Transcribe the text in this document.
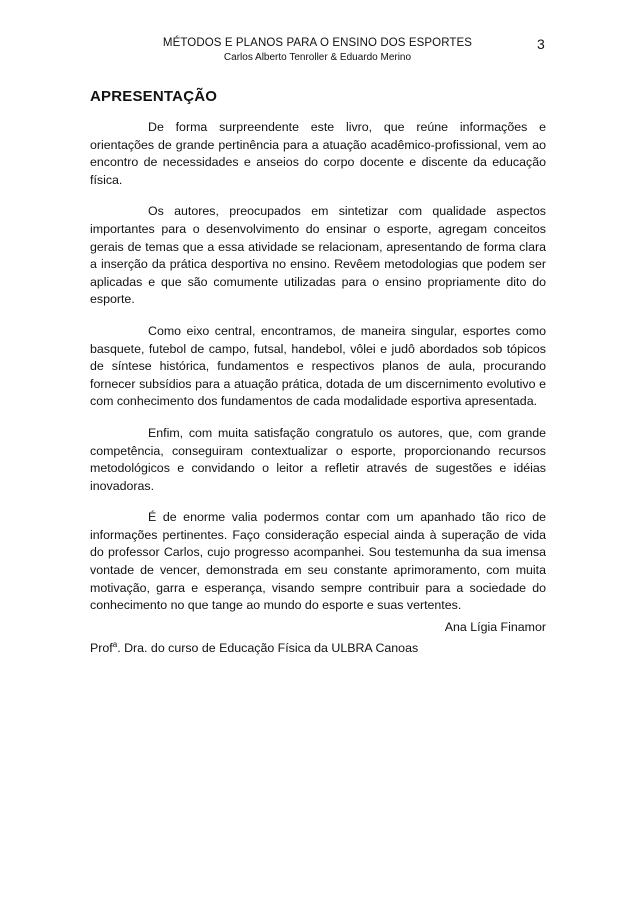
MÉTODOS E PLANOS PARA O ENSINO DOS ESPORTES
Carlos Alberto Tenroller & Eduardo Merino
3
APRESENTAÇÃO

De forma surpreendente este livro, que reúne informações e orientações de grande pertinência para a atuação acadêmico-profissional, vem ao encontro de necessidades e anseios do corpo docente e discente da educação física.

Os autores, preocupados em sintetizar com qualidade aspectos importantes para o desenvolvimento do ensinar o esporte, agregam conceitos gerais de temas que a essa atividade se relacionam, apresentando de forma clara a inserção da prática desportiva no ensino. Revêem metodologias que podem ser aplicadas e que são comumente utilizadas para o ensino propriamente dito do esporte.

Como eixo central, encontramos, de maneira singular, esportes como basquete, futebol de campo, futsal, handebol, vôlei e judô abordados sob tópicos de síntese histórica, fundamentos e respectivos planos de aula, procurando fornecer subsídios para a atuação prática, dotada de um discernimento evolutivo e com conhecimento dos fundamentos de cada modalidade esportiva apresentada.

Enfim, com muita satisfação congratulo os autores, que, com grande competência, conseguiram contextualizar o esporte, proporcionando recursos metodológicos e convidando o leitor a refletir através de sugestões e idéias inovadoras.

É de enorme valia podermos contar com um apanhado tão rico de informações pertinentes. Faço consideração especial ainda à superação de vida do professor Carlos, cujo progresso acompanhei. Sou testemunha da sua imensa vontade de vencer, demonstrada em seu constante aprimoramento, com muita motivação, garra e esperança, visando sempre contribuir para a sociedade do conhecimento no que tange ao mundo do esporte e suas vertentes.

Ana Lígia Finamor
Prof$^a$. Dra. do curso de Educação Física da ULBRA Canoas
